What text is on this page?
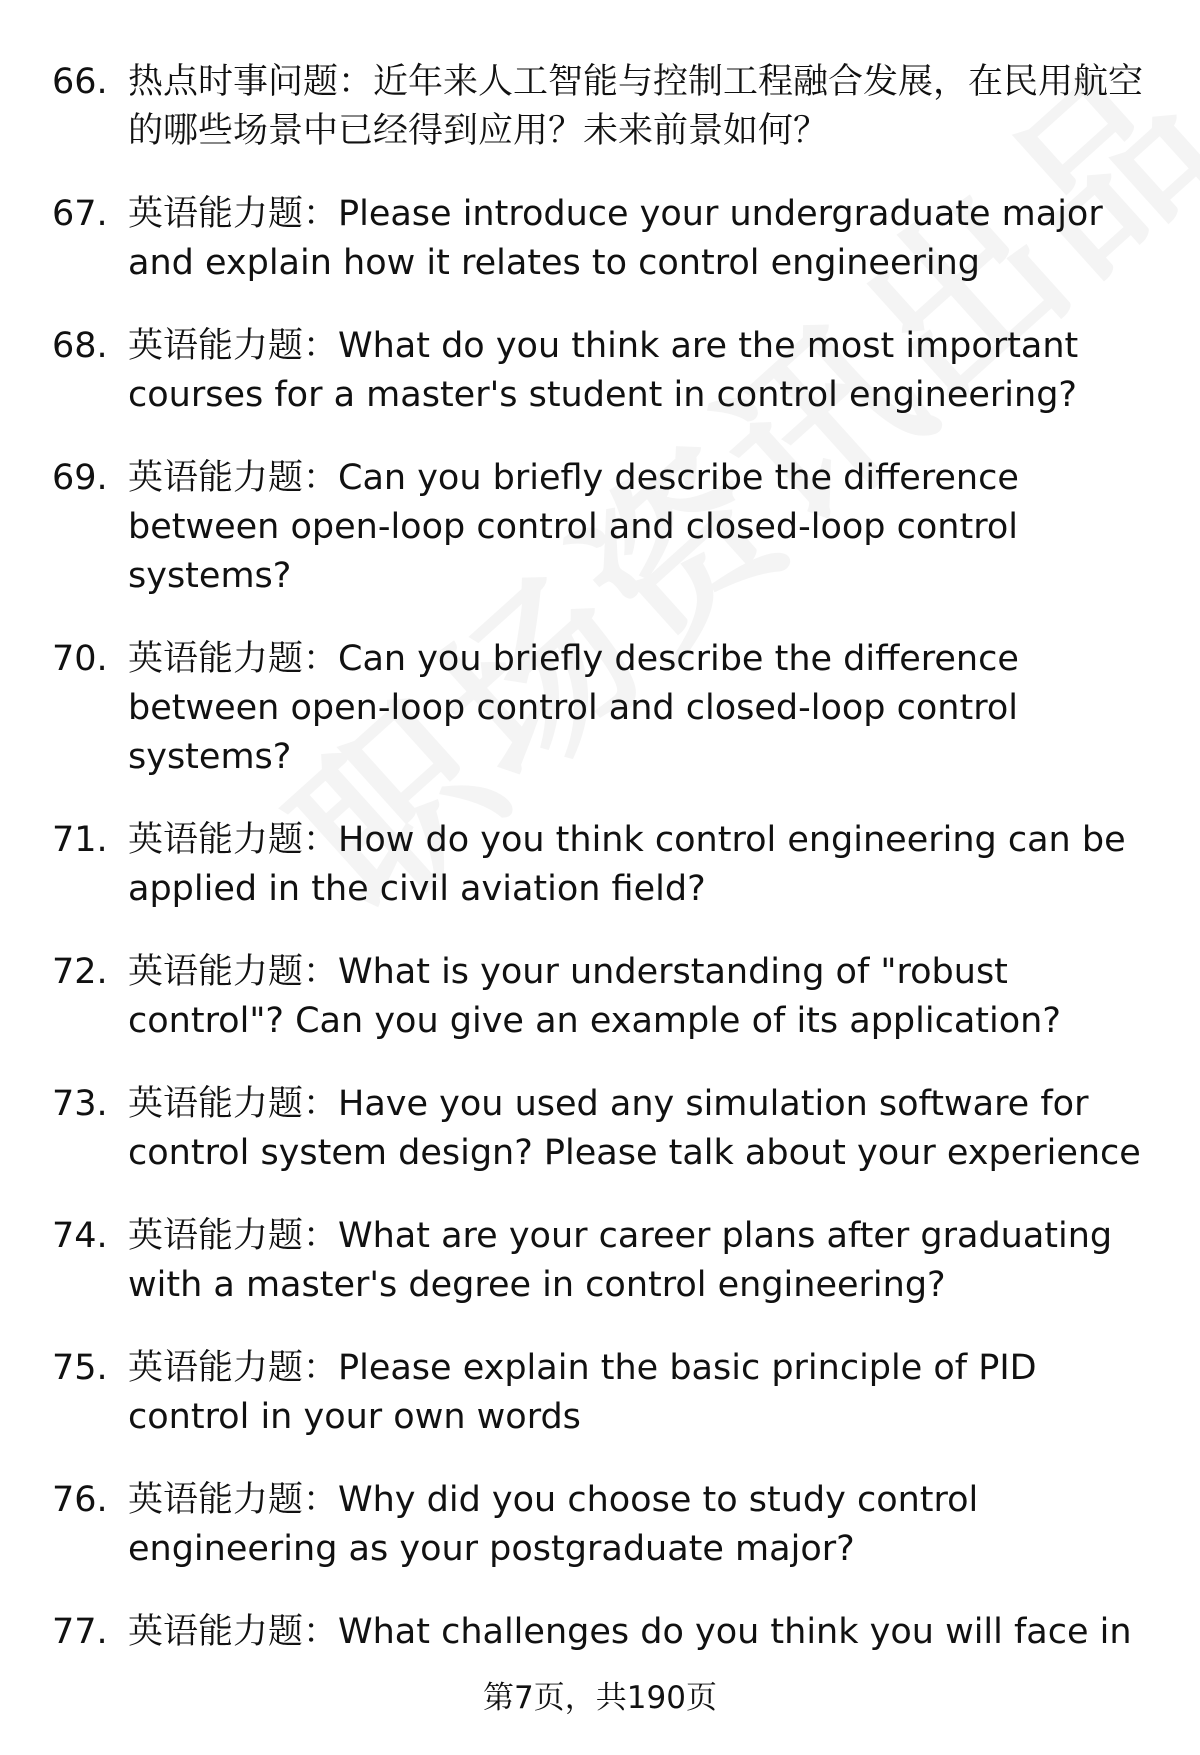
66. 热点时事问题：近年来人工智能与控制工程融合发展，在民用航空的哪些场景中已经得到应用？未来前景如何？
67. 英语能力题：Please introduce your undergraduate major and explain how it relates to control engineering
68. 英语能力题：What do you think are the most important courses for a master's student in control engineering?
69. 英语能力题：Can you briefly describe the difference between open-loop control and closed-loop control systems?
70. 英语能力题：Can you briefly describe the difference between open-loop control and closed-loop control systems?
71. 英语能力题：How do you think control engineering can be applied in the civil aviation field?
72. 英语能力题：What is your understanding of "robust control"? Can you give an example of its application?
73. 英语能力题：Have you used any simulation software for control system design? Please talk about your experience
74. 英语能力题：What are your career plans after graduating with a master's degree in control engineering?
75. 英语能力题：Please explain the basic principle of PID control in your own words
76. 英语能力题：Why did you choose to study control engineering as your postgraduate major?
77. 英语能力题：What challenges do you think you will face in
第7页，共190页
